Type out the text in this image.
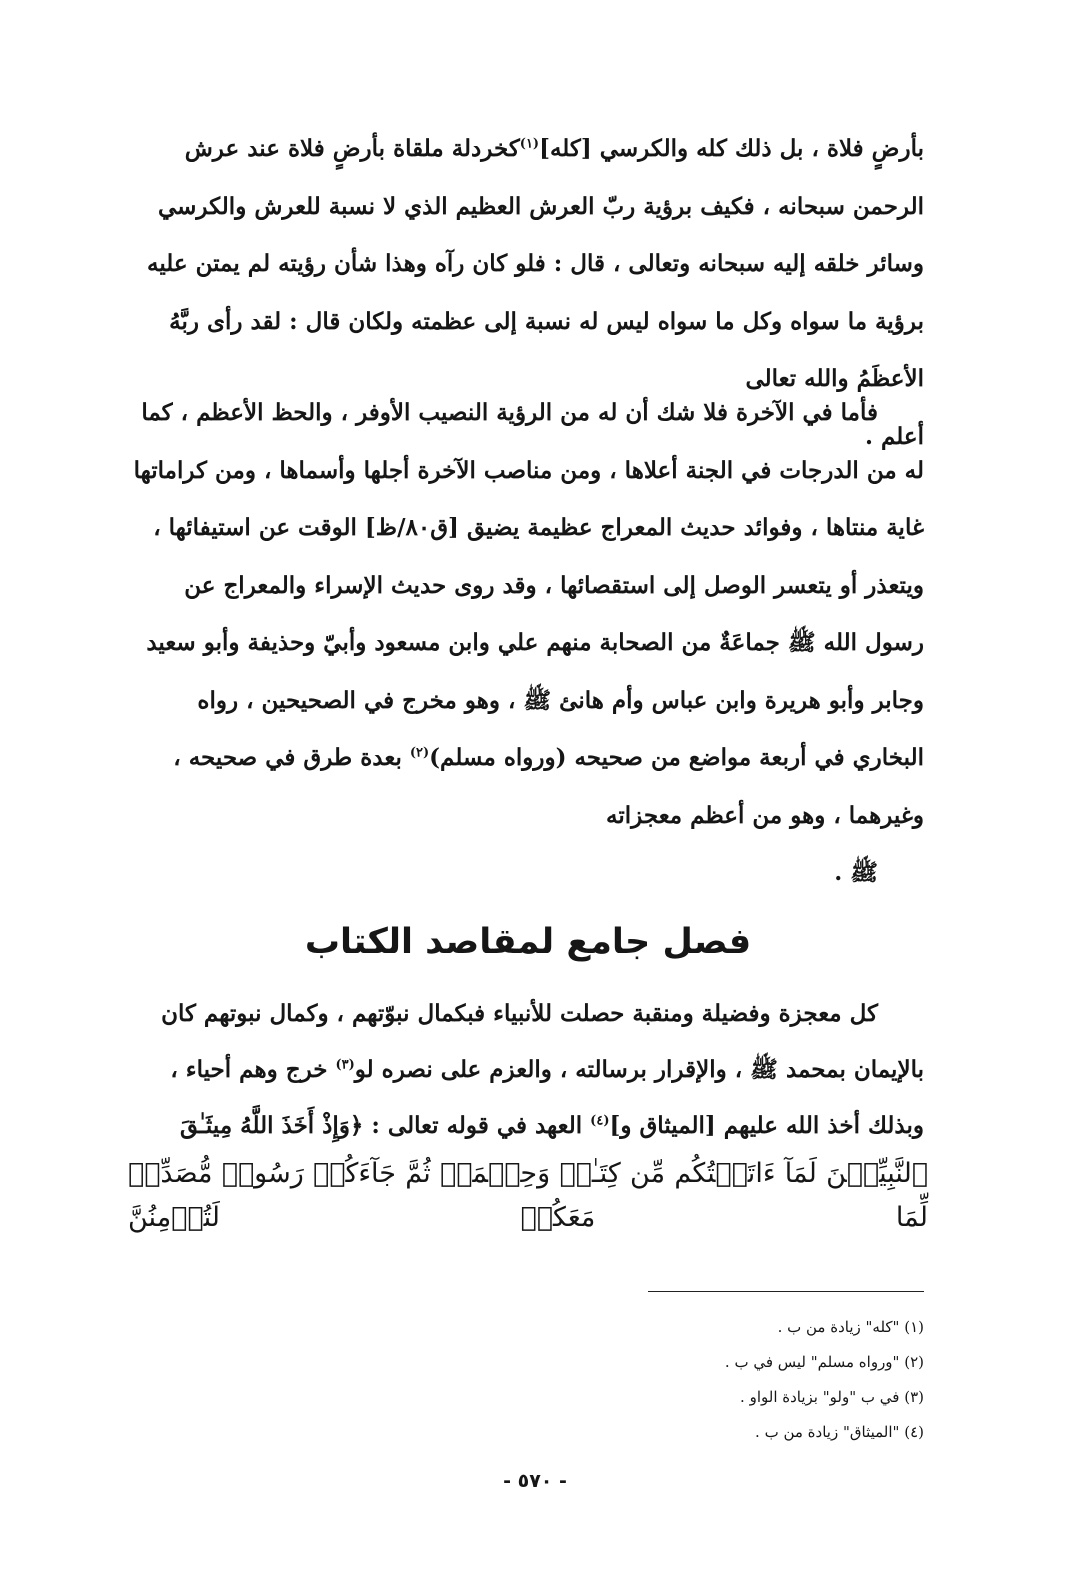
بأرضٍ فلاة ، بل ذلك كله والكرسي [كله]$^{(١)}$كخردلة ملقاة بأرضٍ فلاة عند عرش الرحمن سبحانه ، فكيف برؤية ربّ العرش العظيم الذي لا نسبة للعرش والكرسي وسائر خلقه إليه سبحانه وتعالى ، قال : فلو كان رآه وهذا شأن رؤيته لم يمتن عليه برؤية ما سواه وكل ما سواه ليس له نسبة إلى عظمته ولكان قال : لقد رأى ربَّهُ الأعظَمُ والله تعالى
أعلم .

فأما في الآخرة فلا شك أن له من الرؤية النصيب الأوفر ، والحظ الأعظم ، كما له من الدرجات في الجنة أعلاها ، ومن مناصب الآخرة أجلها وأسماها ، ومن كراماتها غاية منتاها ، وفوائد حديث المعراج عظيمة يضيق [ق٨٠/ظ] الوقت عن استيفائها ، ويتعذر أو يتعسر الوصل إلى استقصائها ، وقد روى حديث الإسراء والمعراج عن رسول الله ﷺ جماعَةٌ من الصحابة منهم علي وابن مسعود وأبيّ وحذيفة وأبو سعيد وجابر وأبو هريرة وابن عباس وأم هانئ ﷺ ، وهو مخرج في الصحيحين ، رواه البخاري في أربعة مواضع من صحيحه (ورواه مسلم)$^{(٢)}$ بعدة طرق في صحيحه ، وغيرهما ، وهو من أعظم معجزاته
ﷺ .

فصل جامع لمقاصد الكتاب

كل معجزة وفضيلة ومنقبة حصلت للأنبياء فبكمال نبوّتهم ، وكمال نبوتهم كان بالإيمان بمحمد ﷺ ، والإقرار برسالته ، والعزم على نصره لو$^{(٣)}$ خرج وهم أحياء ، وبذلك أخذ الله عليهم [الميثاق و]$^{(٤)}$ العهد في قوله تعالى : ﴿وَإِذْ أَخَذَ اللَّهُ مِيثَـٰقَ

ٱلنَّبِيِّـۧنَ لَمَآ ءَاتَيۡتُكُم مِّن كِتَـٰبٖ وَحِكۡمَةٖ ثُمَّ جَآءَكُمۡ رَسُولٞ مُّصَدِّقٞ لِّمَا مَعَكُمۡ لَتُؤۡمِنُنَّ
(١) "كله" زيادة من ب .
(٢) "ورواه مسلم" ليس في ب .
(٣) في ب "ولو" بزيادة الواو .
(٤) "الميثاق" زيادة من ب .
- ٥٧٠ -
